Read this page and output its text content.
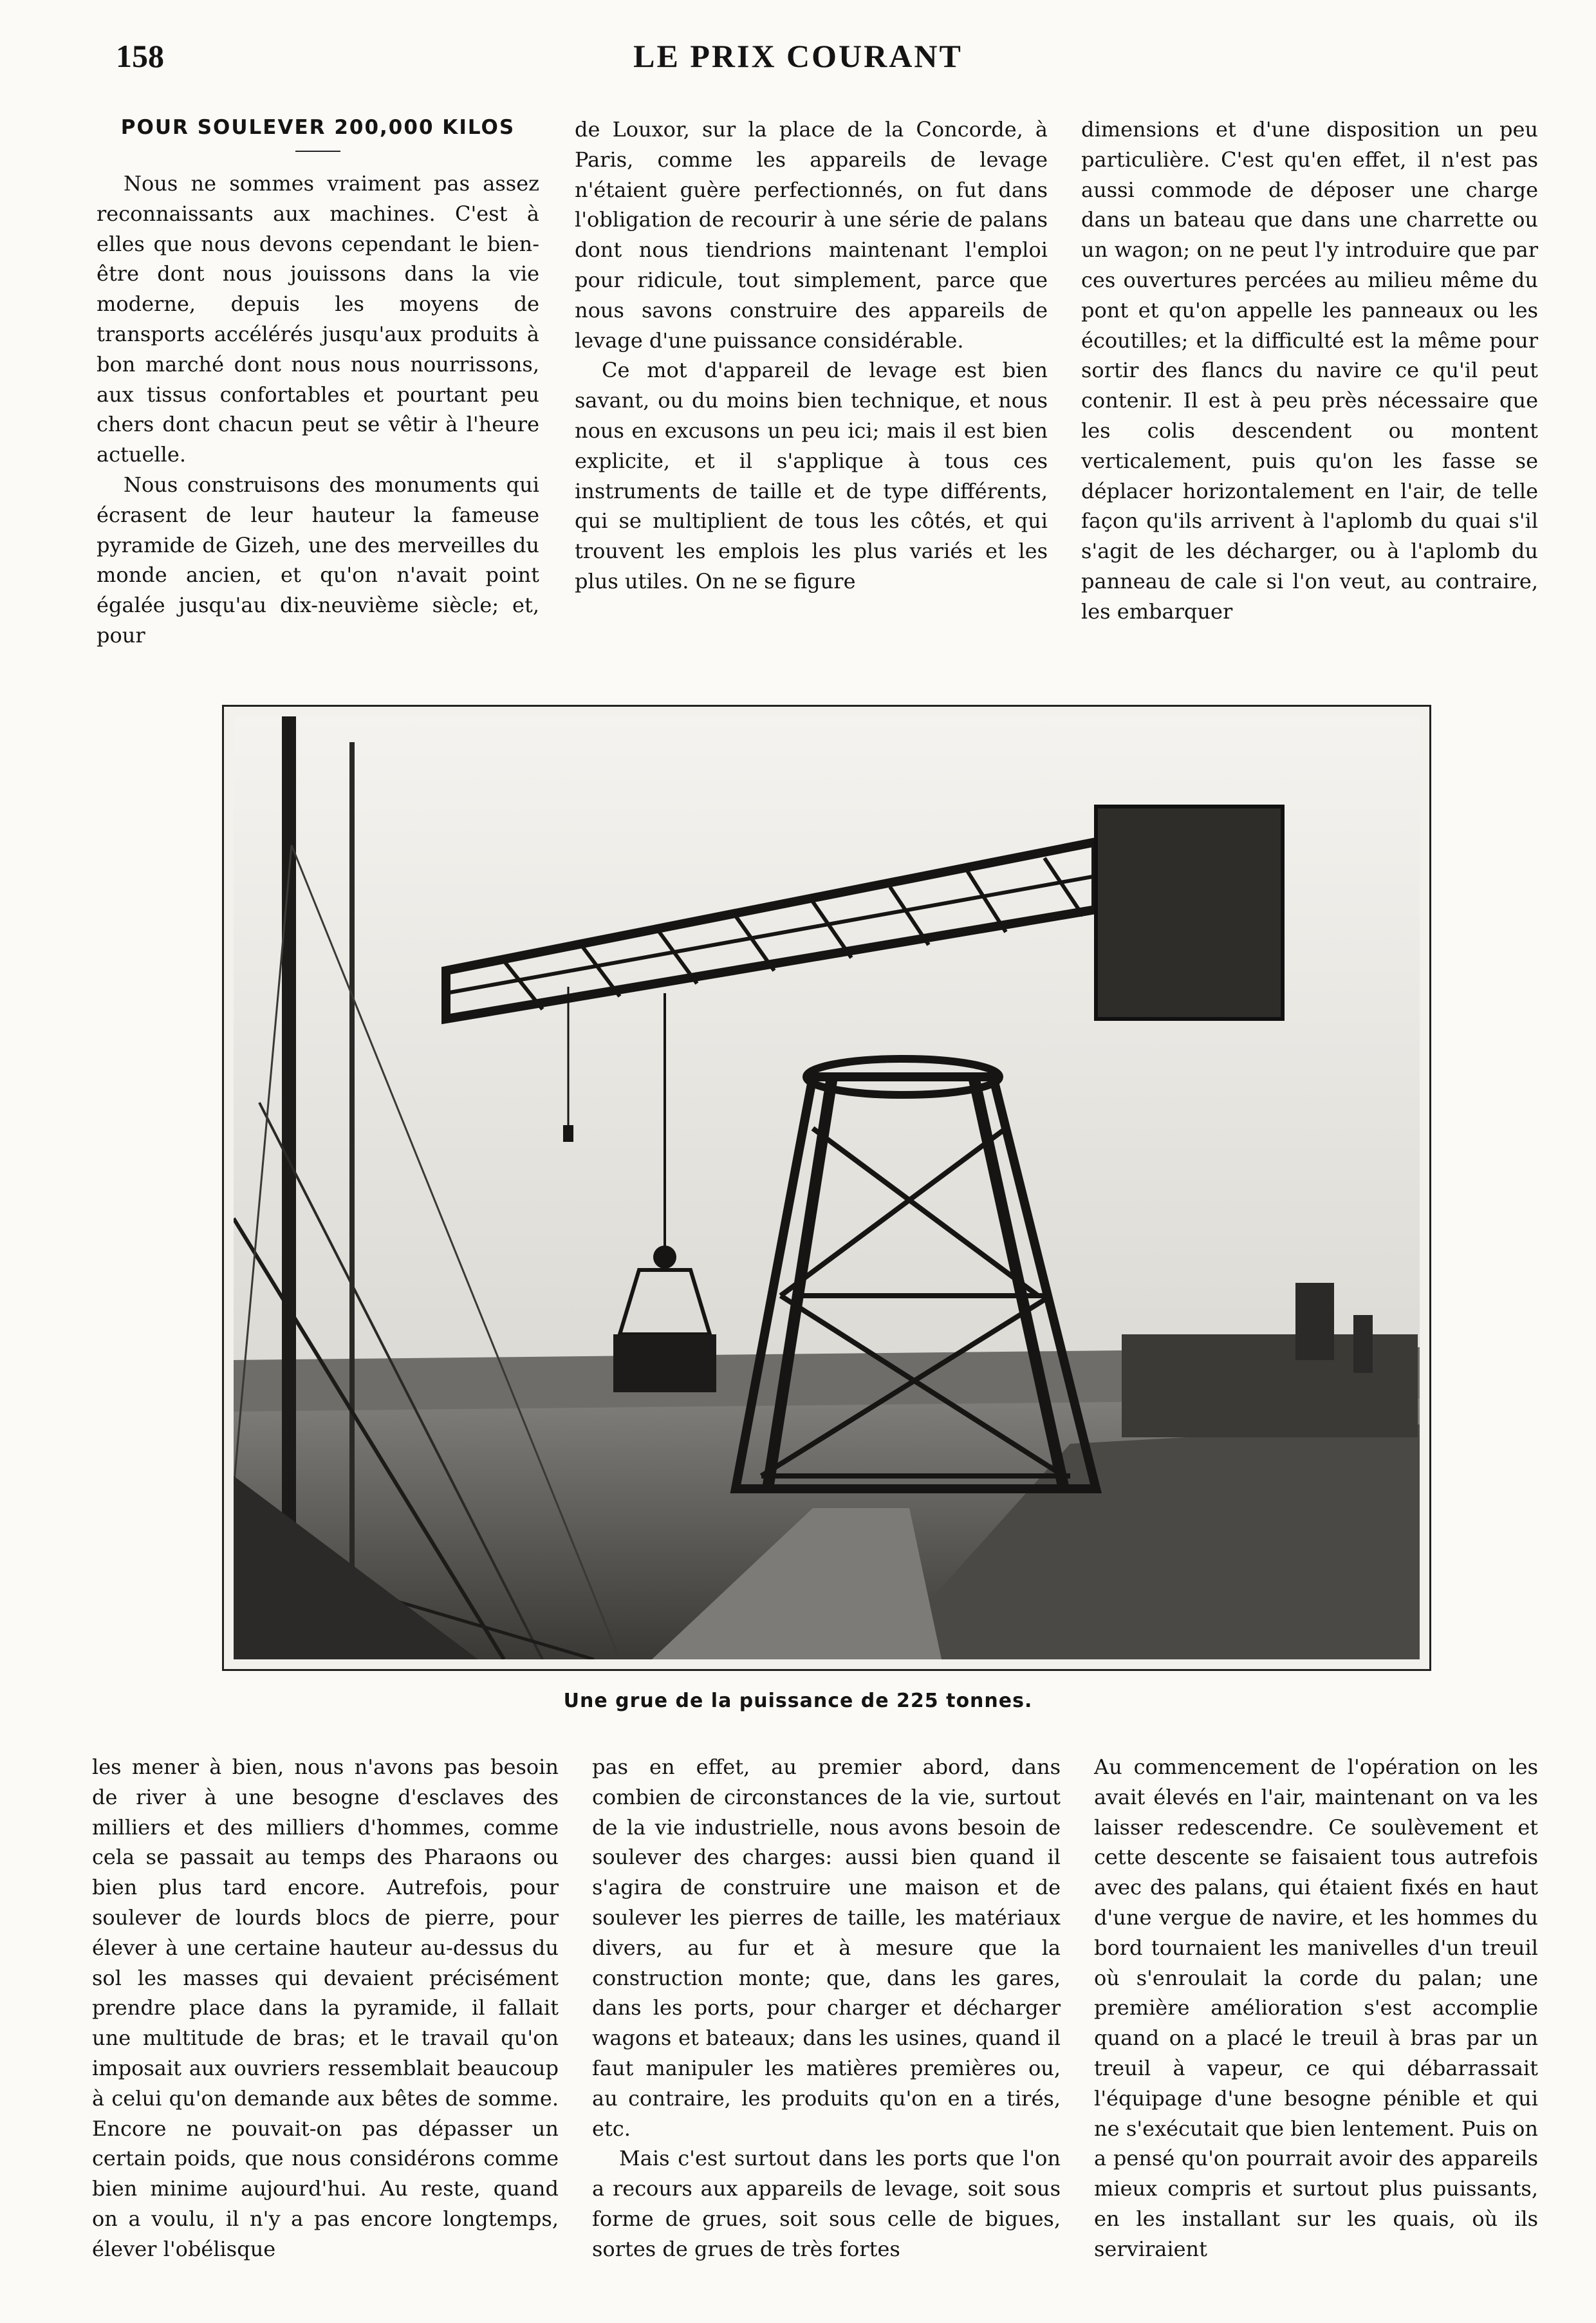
158	LE PRIX COURANT
POUR SOULEVER 200,000 KILOS

Nous ne sommes vraiment pas assez reconnaissants aux machines. C'est à elles que nous devons cependant le bien-être dont nous jouissons dans la vie moderne, depuis les moyens de transports accélérés jusqu'aux produits à bon marché dont nous nous nourrissons, aux tissus confortables et pourtant peu chers dont chacun peut se vêtir à l'heure actuelle.

Nous construisons des monuments qui écrasent de leur hauteur la fameuse pyramide de Gizeh, une des merveilles du monde ancien, et qu'on n'avait point égalée jusqu'au dix-neuvième siècle; et, pour

de Louxor, sur la place de la Concorde, à Paris, comme les appareils de levage n'étaient guère perfectionnés, on fut dans l'obligation de recourir à une série de palans dont nous tiendrions maintenant l'emploi pour ridicule, tout simplement, parce que nous savons construire des appareils de levage d'une puissance considérable.

Ce mot d'appareil de levage est bien savant, ou du moins bien technique, et nous nous en excusons un peu ici; mais il est bien explicite, et il s'applique à tous ces instruments de taille et de type différents, qui se multiplient de tous les côtés, et qui trouvent les emplois les plus variés et les plus utiles. On ne se figure

dimensions et d'une disposition un peu particulière. C'est qu'en effet, il n'est pas aussi commode de déposer une charge dans un bateau que dans une charrette ou un wagon; on ne peut l'y introduire que par ces ouvertures percées au milieu même du pont et qu'on appelle les panneaux ou les écoutilles; et la difficulté est la même pour sortir des flancs du navire ce qu'il peut contenir. Il est à peu près nécessaire que les colis descendent ou montent verticalement, puis qu'on les fasse se déplacer horizontalement en l'air, de telle façon qu'ils arrivent à l'aplomb du quai s'il s'agit de les décharger, ou à l'aplomb du panneau de cale si l'on veut, au contraire, les embarquer

Une grue de la puissance de 225 tonnes.

les mener à bien, nous n'avons pas besoin de river à une besogne d'esclaves des milliers et des milliers d'hommes, comme cela se passait au temps des Pharaons ou bien plus tard encore. Autrefois, pour soulever de lourds blocs de pierre, pour élever à une certaine hauteur au-dessus du sol les masses qui devaient précisément prendre place dans la pyramide, il fallait une multitude de bras; et le travail qu'on imposait aux ouvriers ressemblait beaucoup à celui qu'on demande aux bêtes de somme. Encore ne pouvait-on pas dépasser un certain poids, que nous considérons comme bien minime aujourd'hui. Au reste, quand on a voulu, il n'y a pas encore longtemps, élever l'obélisque

pas en effet, au premier abord, dans combien de circonstances de la vie, surtout de la vie industrielle, nous avons besoin de soulever des charges: aussi bien quand il s'agira de construire une maison et de soulever les pierres de taille, les matériaux divers, au fur et à mesure que la construction monte; que, dans les gares, dans les ports, pour charger et décharger wagons et bateaux; dans les usines, quand il faut manipuler les matières premières ou, au contraire, les produits qu'on en a tirés, etc.

Mais c'est surtout dans les ports que l'on a recours aux appareils de levage, soit sous forme de grues, soit sous celle de bigues, sortes de grues de très fortes

Au commencement de l'opération on les avait élevés en l'air, maintenant on va les laisser redescendre. Ce soulèvement et cette descente se faisaient tous autrefois avec des palans, qui étaient fixés en haut d'une vergue de navire, et les hommes du bord tournaient les manivelles d'un treuil où s'enroulait la corde du palan; une première amélioration s'est accomplie quand on a placé le treuil à bras par un treuil à vapeur, ce qui débarrassait l'équipage d'une besogne pénible et qui ne s'exécutait que bien lentement. Puis on a pensé qu'on pourrait avoir des appareils mieux compris et surtout plus puissants, en les installant sur les quais, où ils serviraient
